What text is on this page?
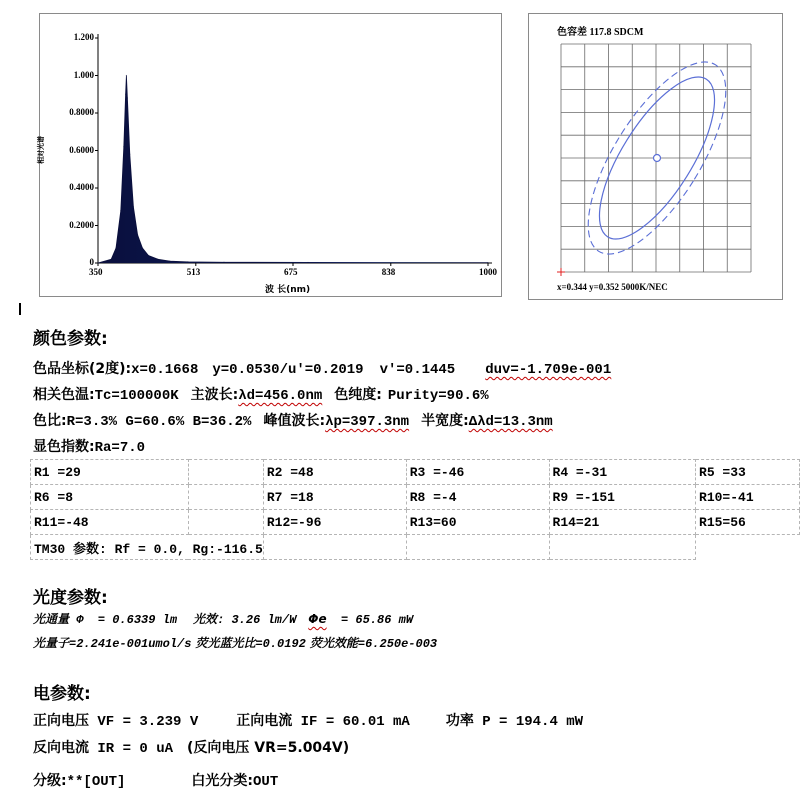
1.200
1.000
0.8000
0.6000
0.4000
0.2000
0
350	513	675	838	1000
相对光谱
波 长(nm)
色容差 117.8 SDCM
x=0.344 y=0.352 5000K/NEC
颜色参数:
色品坐标(2度):x=0.1668 y=0.0530/u'=0.2019 v'=0.1445 duv=-1.709e-001
相关色温:Tc=100000K 主波长:λd=456.0nm 色纯度: Purity=90.6%
色比:R=3.3% G=60.6% B=36.2% 峰值波长:λp=397.3nm 半宽度:Δλd=13.3nm
显色指数:Ra=7.0
R1 =29		R2 =48	R3 =-46	R4 =-31	R5 =33
R6 =8		R7 =18	R8 =-4	R9 =-151	R10=-41
R11=-48		R12=-96	R13=60	R14=21	R15=56
TM30 参数: Rf = 0.0, Rg:-116.5					
光度参数:
光通量 Φ  = 0.6339 lm 光效: 3.26 lm/W Φe  = 65.86 mW
光量子=2.241e-001umol/s 荧光蓝光比=0.0192 荧光效能=6.250e-003
电参数:
正向电压 VF = 3.239 V	正向电流 IF = 60.01 mA	功率 P = 194.4 mW
反向电流 IR = 0 uA (反向电压 VR=5.004V)
分级:**[OUT]	白光分类:OUT
